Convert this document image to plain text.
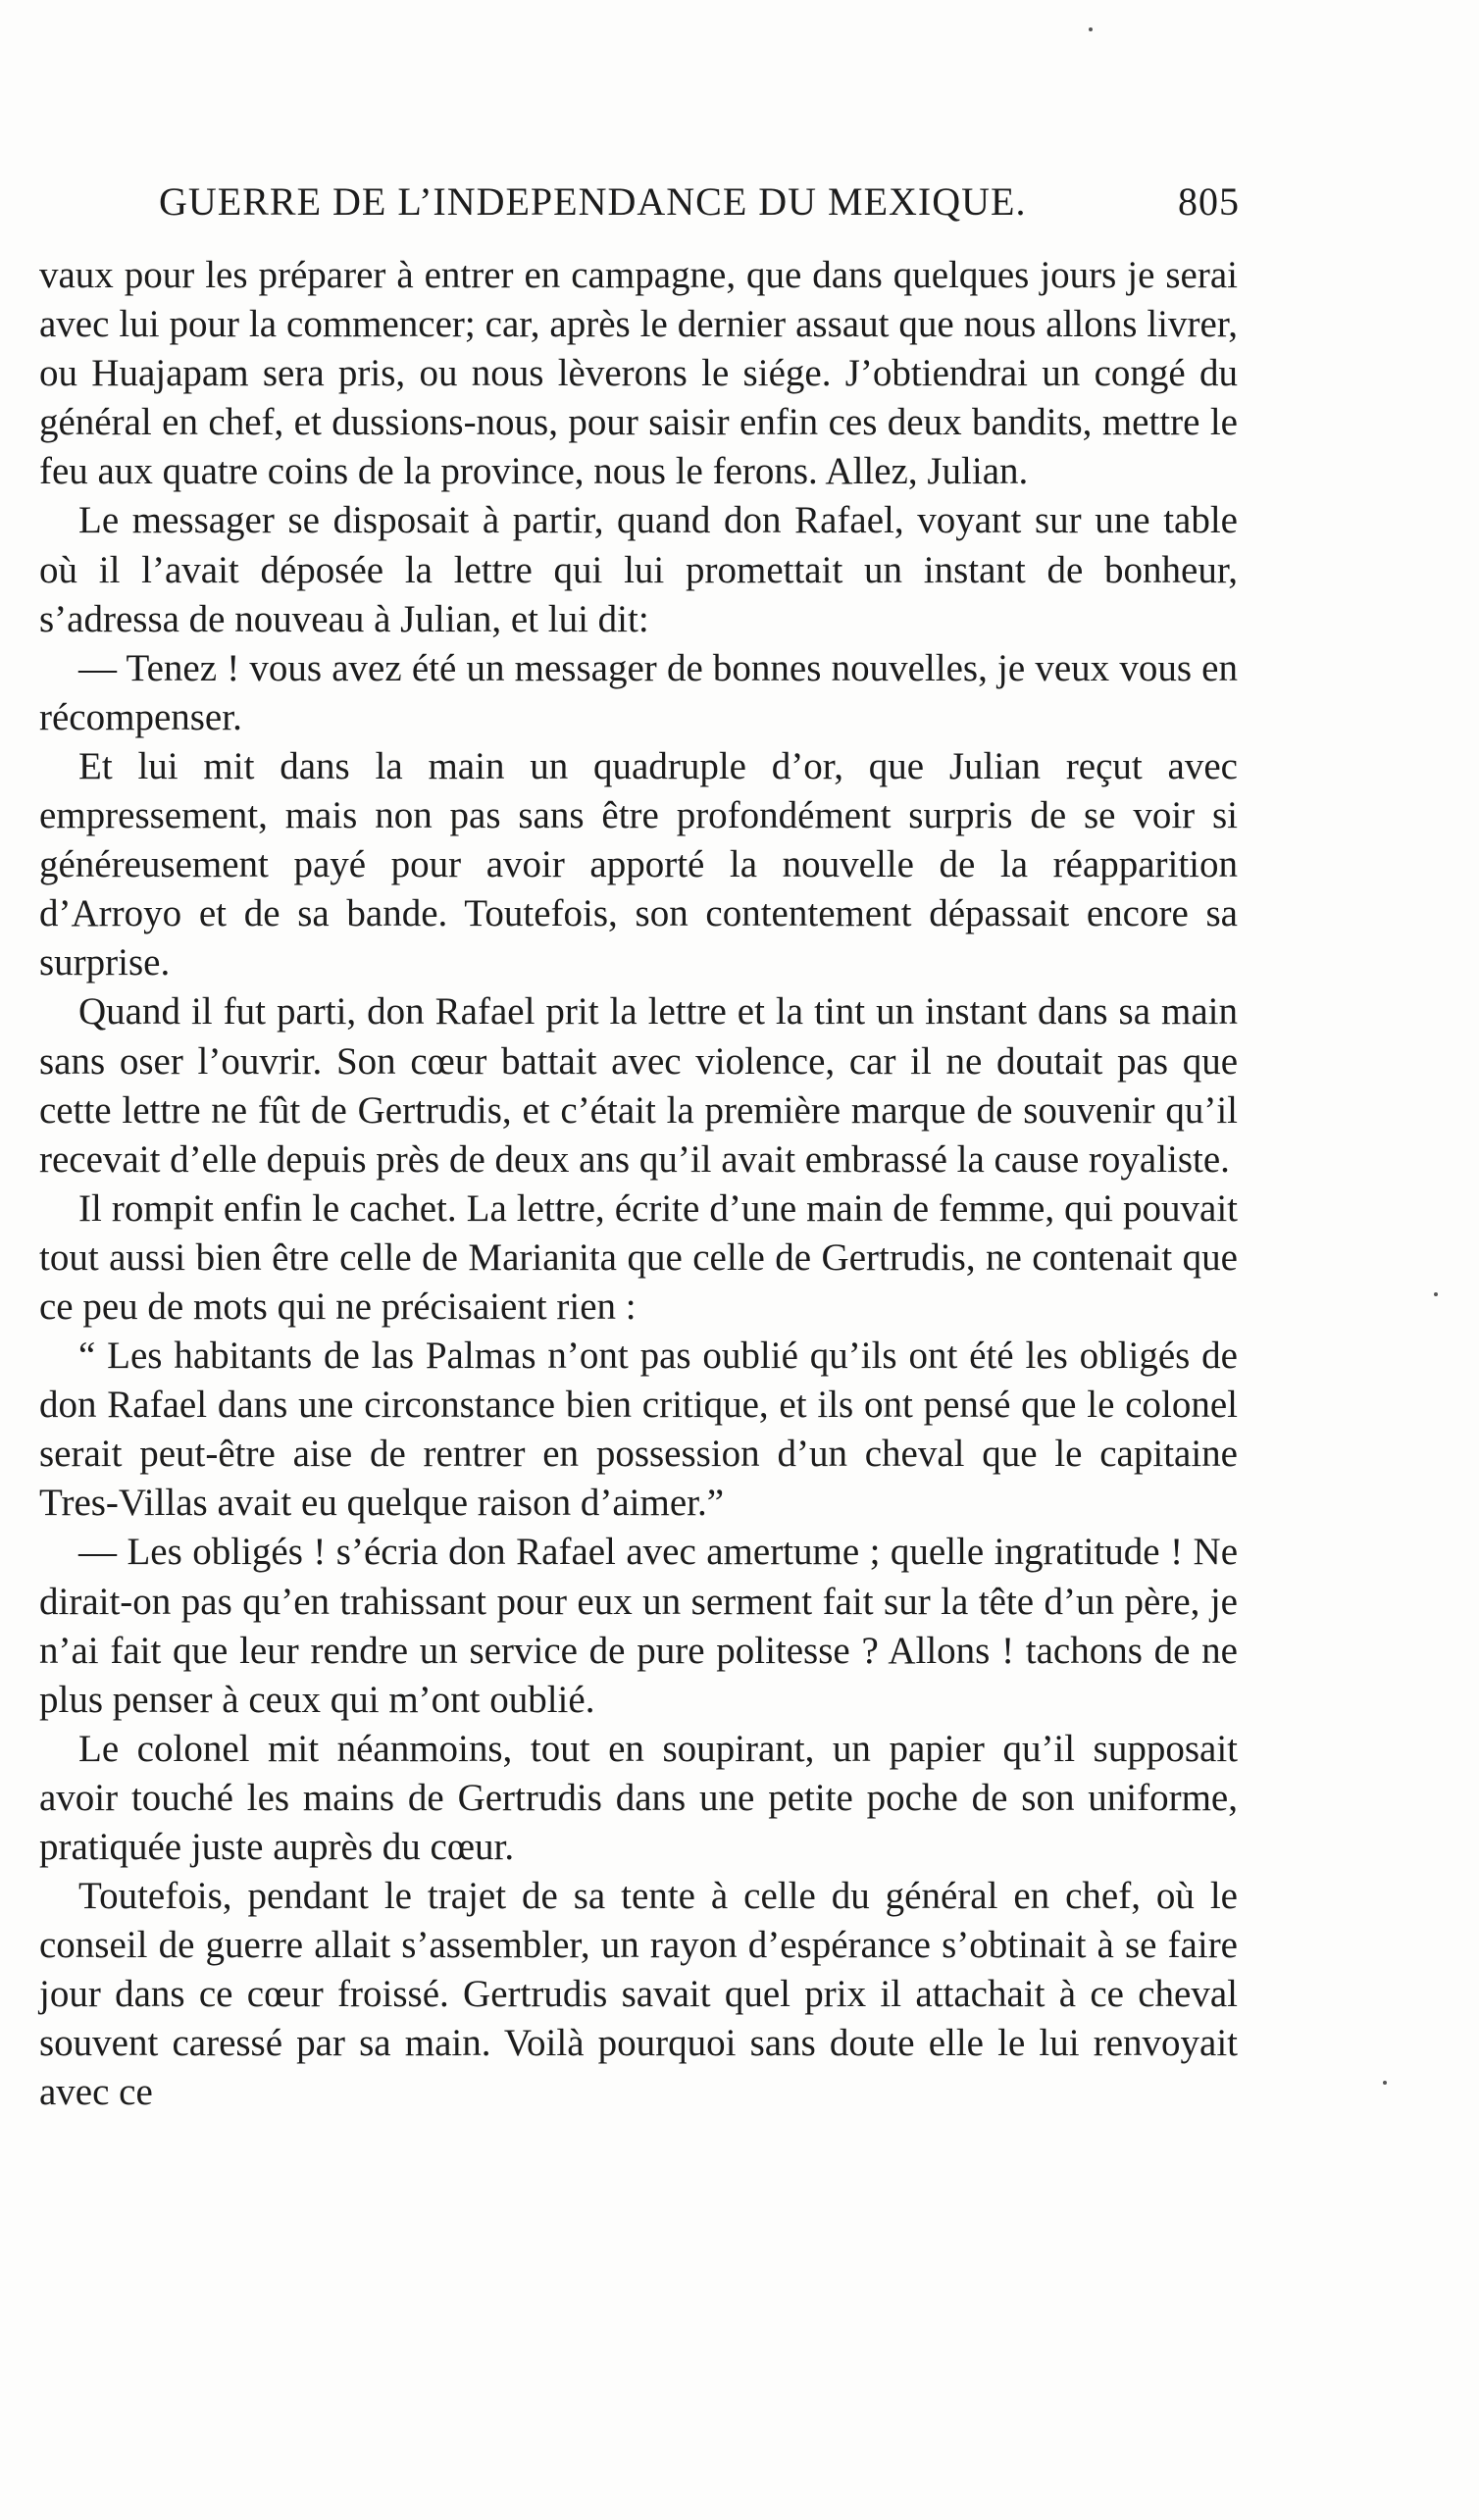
GUERRE DE L’INDEPENDANCE DU MEXIQUE.	805

vaux pour les préparer à entrer en campagne, que dans quelques jours je serai avec lui pour la commencer; car, après le dernier assaut que nous allons livrer, ou Huajapam sera pris, ou nous lèverons le siége. J’obtiendrai un congé du général en chef, et dussions-nous, pour saisir enfin ces deux bandits, mettre le feu aux quatre coins de la province, nous le ferons. Allez, Julian.

Le messager se disposait à partir, quand don Rafael, voyant sur une table où il l’avait déposée la lettre qui lui promettait un instant de bonheur, s’adressa de nouveau à Julian, et lui dit:

— Tenez ! vous avez été un messager de bonnes nouvelles, je veux vous en récompenser.

Et lui mit dans la main un quadruple d’or, que Julian reçut avec empressement, mais non pas sans être profondément surpris de se voir si généreusement payé pour avoir apporté la nouvelle de la réapparition d’Arroyo et de sa bande. Toutefois, son contentement dépassait encore sa surprise.

Quand il fut parti, don Rafael prit la lettre et la tint un instant dans sa main sans oser l’ouvrir. Son cœur battait avec violence, car il ne doutait pas que cette lettre ne fût de Gertrudis, et c’était la première marque de souvenir qu’il recevait d’elle depuis près de deux ans qu’il avait embrassé la cause royaliste.

Il rompit enfin le cachet. La lettre, écrite d’une main de femme, qui pouvait tout aussi bien être celle de Marianita que celle de Gertrudis, ne contenait que ce peu de mots qui ne précisaient rien :

“ Les habitants de las Palmas n’ont pas oublié qu’ils ont été les obligés de don Rafael dans une circonstance bien critique, et ils ont pensé que le colonel serait peut-être aise de rentrer en possession d’un cheval que le capitaine Tres-Villas avait eu quelque raison d’aimer.”

— Les obligés ! s’écria don Rafael avec amertume ; quelle ingratitude ! Ne dirait-on pas qu’en trahissant pour eux un serment fait sur la tête d’un père, je n’ai fait que leur rendre un service de pure politesse ? Allons ! tachons de ne plus penser à ceux qui m’ont oublié.

Le colonel mit néanmoins, tout en soupirant, un papier qu’il supposait avoir touché les mains de Gertrudis dans une petite poche de son uniforme, pratiquée juste auprès du cœur.

Toutefois, pendant le trajet de sa tente à celle du général en chef, où le conseil de guerre allait s’assembler, un rayon d’espérance s’obtinait à se faire jour dans ce cœur froissé. Gertrudis savait quel prix il attachait à ce cheval souvent caressé par sa main. Voilà pourquoi sans doute elle le lui renvoyait avec ce
